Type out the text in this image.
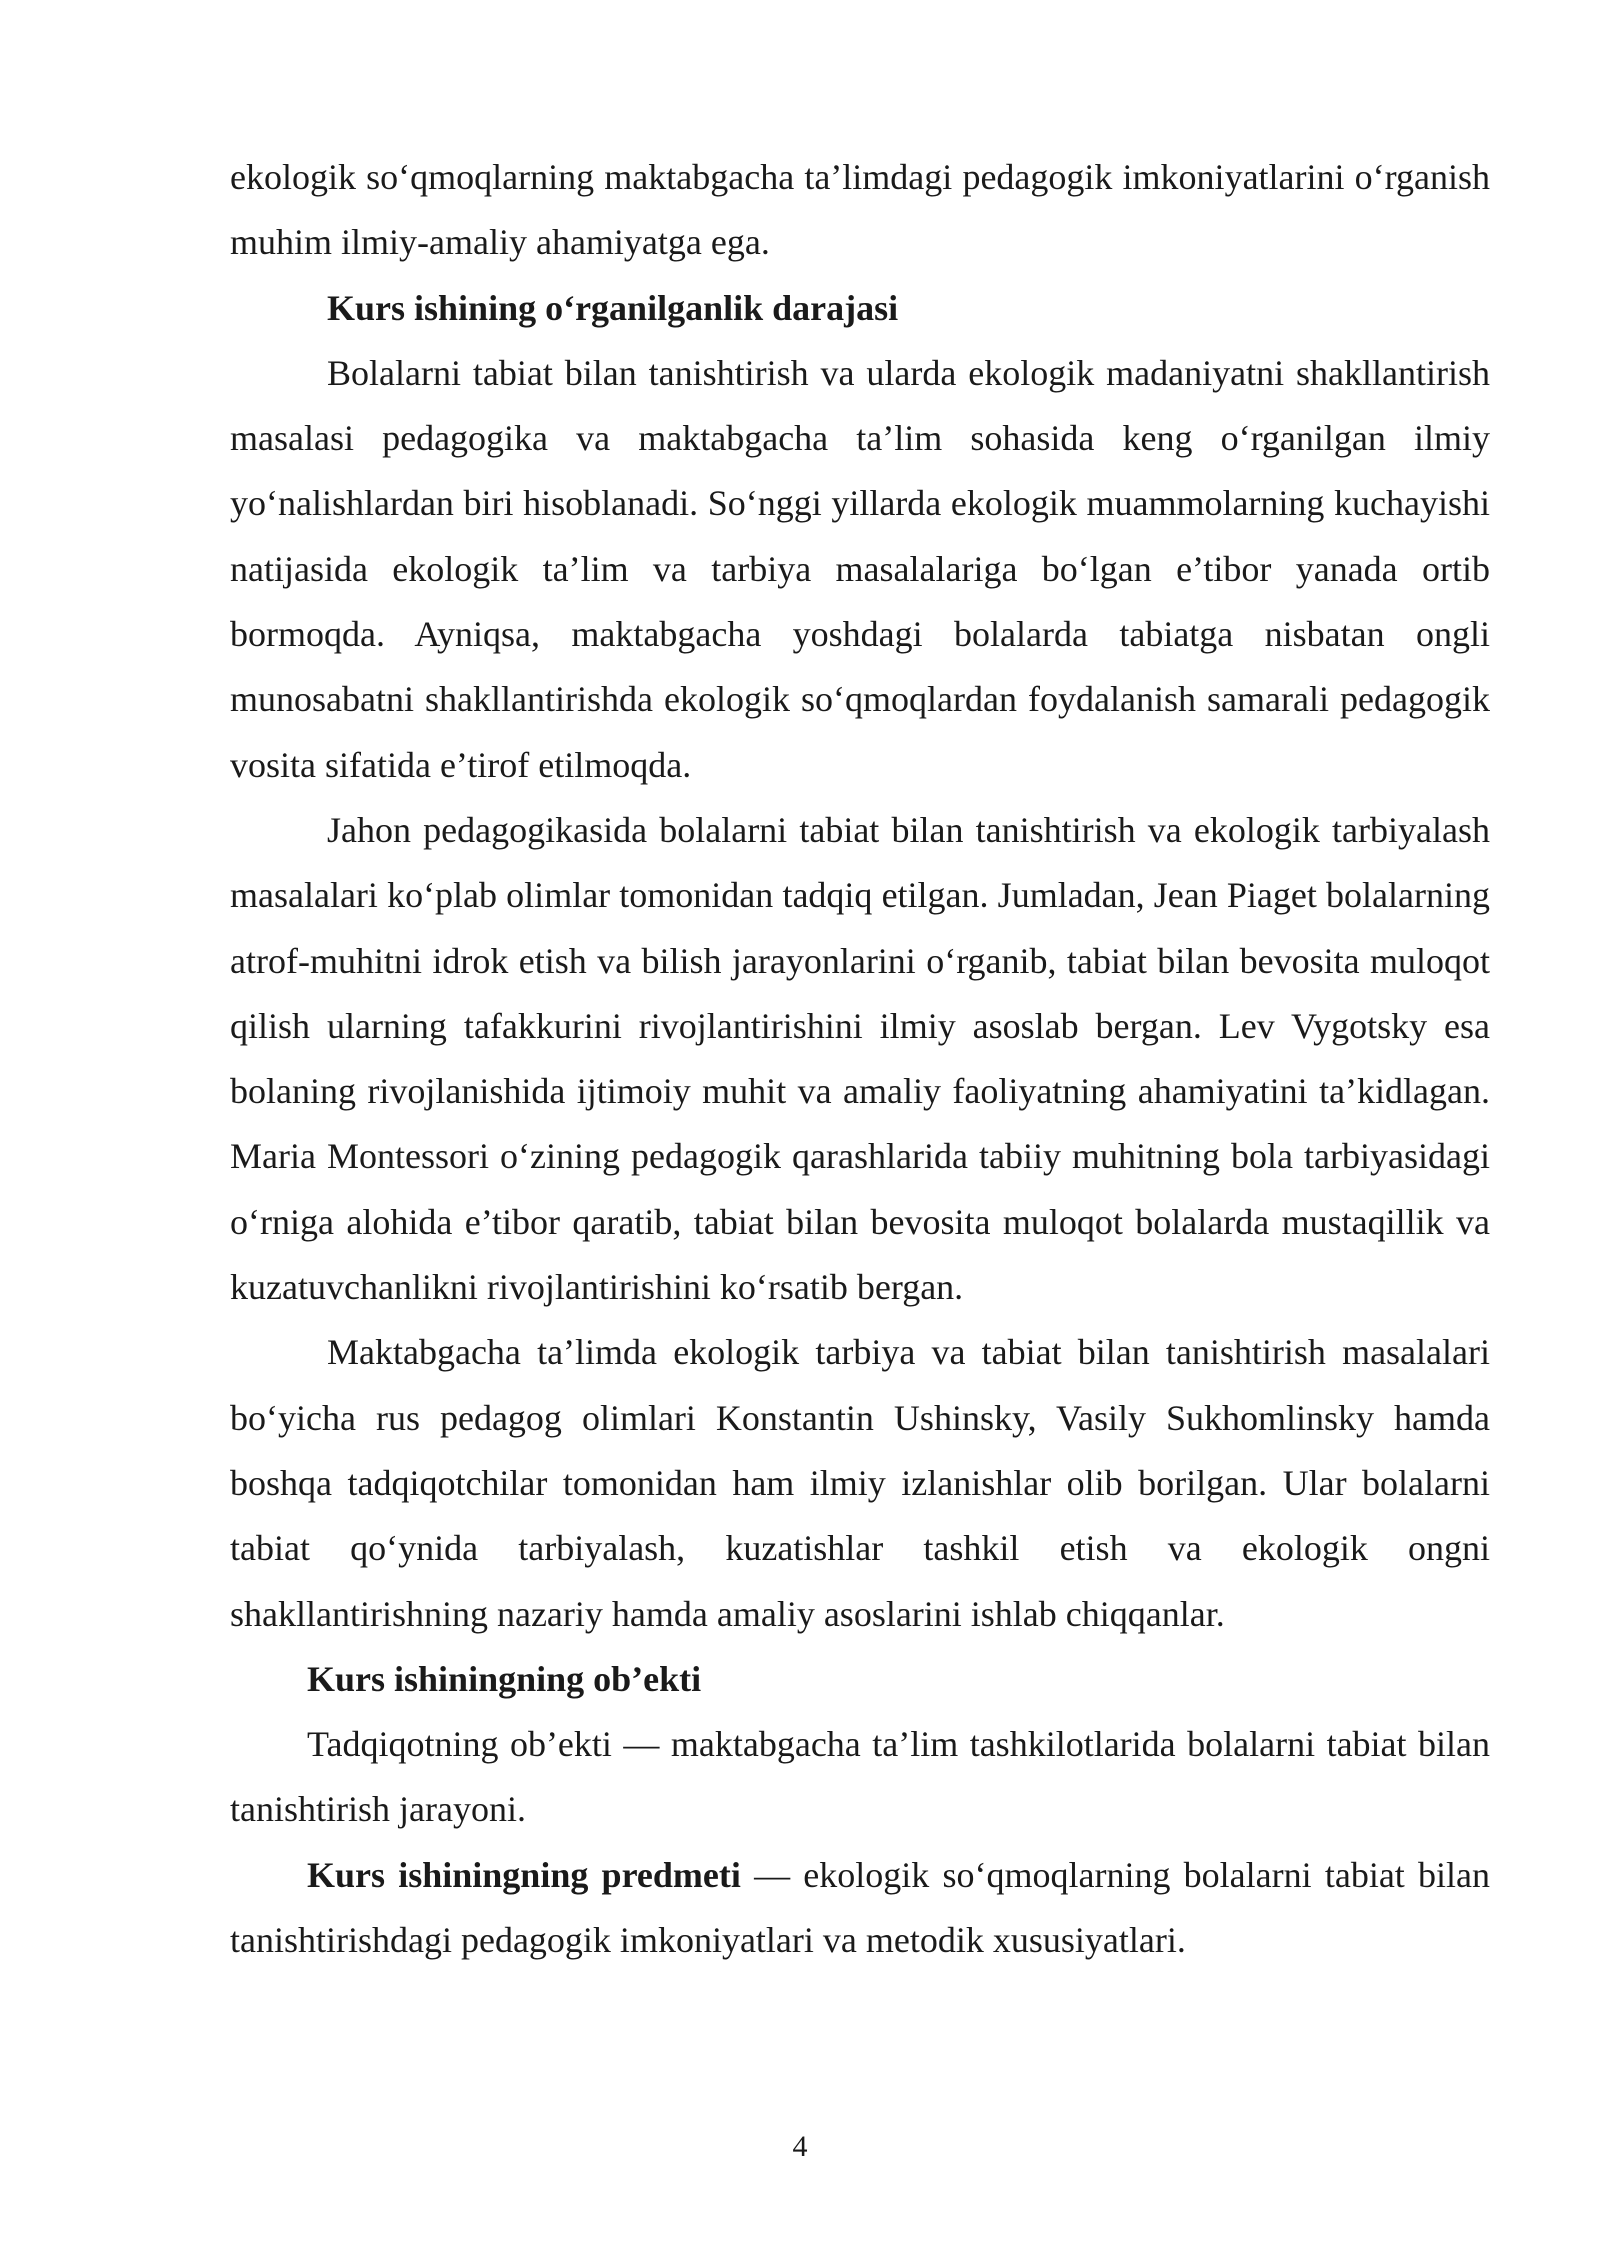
ekologik so‘qmoqlarning maktabgacha ta’limdagi pedagogik imkoniyatlarini o‘rganish muhim ilmiy-amaliy ahamiyatga ega.

Kurs ishining o‘rganilganlik darajasi

Bolalarni tabiat bilan tanishtirish va ularda ekologik madaniyatni shakllantirish masalasi pedagogika va maktabgacha ta’lim sohasida keng o‘rganilgan ilmiy yo‘nalishlardan biri hisoblanadi. So‘nggi yillarda ekologik muammolarning kuchayishi natijasida ekologik ta’lim va tarbiya masalalariga bo‘lgan e’tibor yanada ortib bormoqda. Ayniqsa, maktabgacha yoshdagi bolalarda tabiatga nisbatan ongli munosabatni shakllantirishda ekologik so‘qmoqlardan foydalanish samarali pedagogik vosita sifatida e’tirof etilmoqda.

Jahon pedagogikasida bolalarni tabiat bilan tanishtirish va ekologik tarbiyalash masalalari ko‘plab olimlar tomonidan tadqiq etilgan. Jumladan, Jean Piaget bolalarning atrof-muhitni idrok etish va bilish jarayonlarini o‘rganib, tabiat bilan bevosita muloqot qilish ularning tafakkurini rivojlantirishini ilmiy asoslab bergan. Lev Vygotsky esa bolaning rivojlanishida ijtimoiy muhit va amaliy faoliyatning ahamiyatini ta’kidlagan. Maria Montessori o‘zining pedagogik qarashlarida tabiiy muhitning bola tarbiyasidagi o‘rniga alohida e’tibor qaratib, tabiat bilan bevosita muloqot bolalarda mustaqillik va kuzatuvchanlikni rivojlantirishini ko‘rsatib bergan.

Maktabgacha ta’limda ekologik tarbiya va tabiat bilan tanishtirish masalalari bo‘yicha rus pedagog olimlari Konstantin Ushinsky, Vasily Sukhomlinsky hamda boshqa tadqiqotchilar tomonidan ham ilmiy izlanishlar olib borilgan. Ular bolalarni tabiat qo‘ynida tarbiyalash, kuzatishlar tashkil etish va ekologik ongni shakllantirishning nazariy hamda amaliy asoslarini ishlab chiqqanlar.

Kurs ishiningning ob’ekti

Tadqiqotning ob’ekti — maktabgacha ta’lim tashkilotlarida bolalarni tabiat bilan tanishtirish jarayoni.

Kurs ishiningning predmeti — ekologik so‘qmoqlarning bolalarni tabiat bilan tanishtirishdagi pedagogik imkoniyatlari va metodik xususiyatlari.

4
